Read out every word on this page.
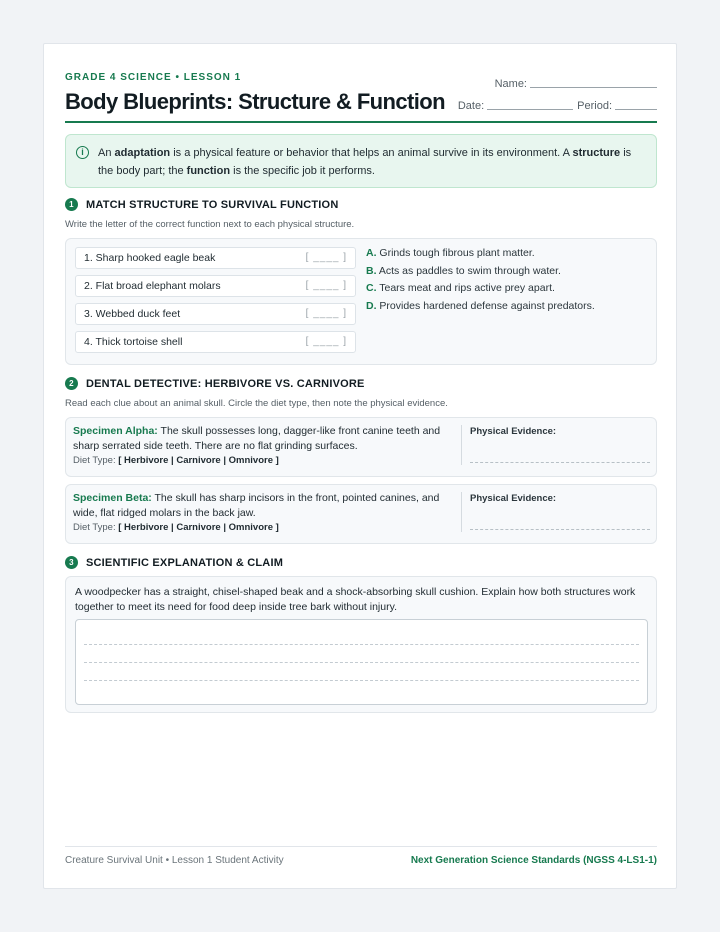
GRADE 4 SCIENCE • LESSON 1
Body Blueprints: Structure & Function
Name:
Date:	Period:
i	An adaptation is a physical feature or behavior that helps an animal survive in its environment. A structure is the body part; the function is the specific job it performs.
1	MATCH STRUCTURE TO SURVIVAL FUNCTION
Write the letter of the correct function next to each physical structure.
1. Sharp hooked eagle beak	[ ____ ]
2. Flat broad elephant molars	[ ____ ]
3. Webbed duck feet	[ ____ ]
4. Thick tortoise shell	[ ____ ]
A. Grinds tough fibrous plant matter.
B. Acts as paddles to swim through water.
C. Tears meat and rips active prey apart.
D. Provides hardened defense against predators.
2	DENTAL DETECTIVE: HERBIVORE VS. CARNIVORE
Read each clue about an animal skull. Circle the diet type, then note the physical evidence.
Specimen Alpha: The skull possesses long, dagger-like front canine teeth and sharp serrated side teeth. There are no flat grinding surfaces.
Diet Type: [ Herbivore | Carnivore | Omnivore ]
Physical Evidence:
Specimen Beta: The skull has sharp incisors in the front, pointed canines, and wide, flat ridged molars in the back jaw.
Diet Type: [ Herbivore | Carnivore | Omnivore ]
Physical Evidence:
3	SCIENTIFIC EXPLANATION & CLAIM
A woodpecker has a straight, chisel-shaped beak and a shock-absorbing skull cushion. Explain how both structures work together to meet its need for food deep inside tree bark without injury.
Creature Survival Unit • Lesson 1 Student Activity	Next Generation Science Standards (NGSS 4-LS1-1)
